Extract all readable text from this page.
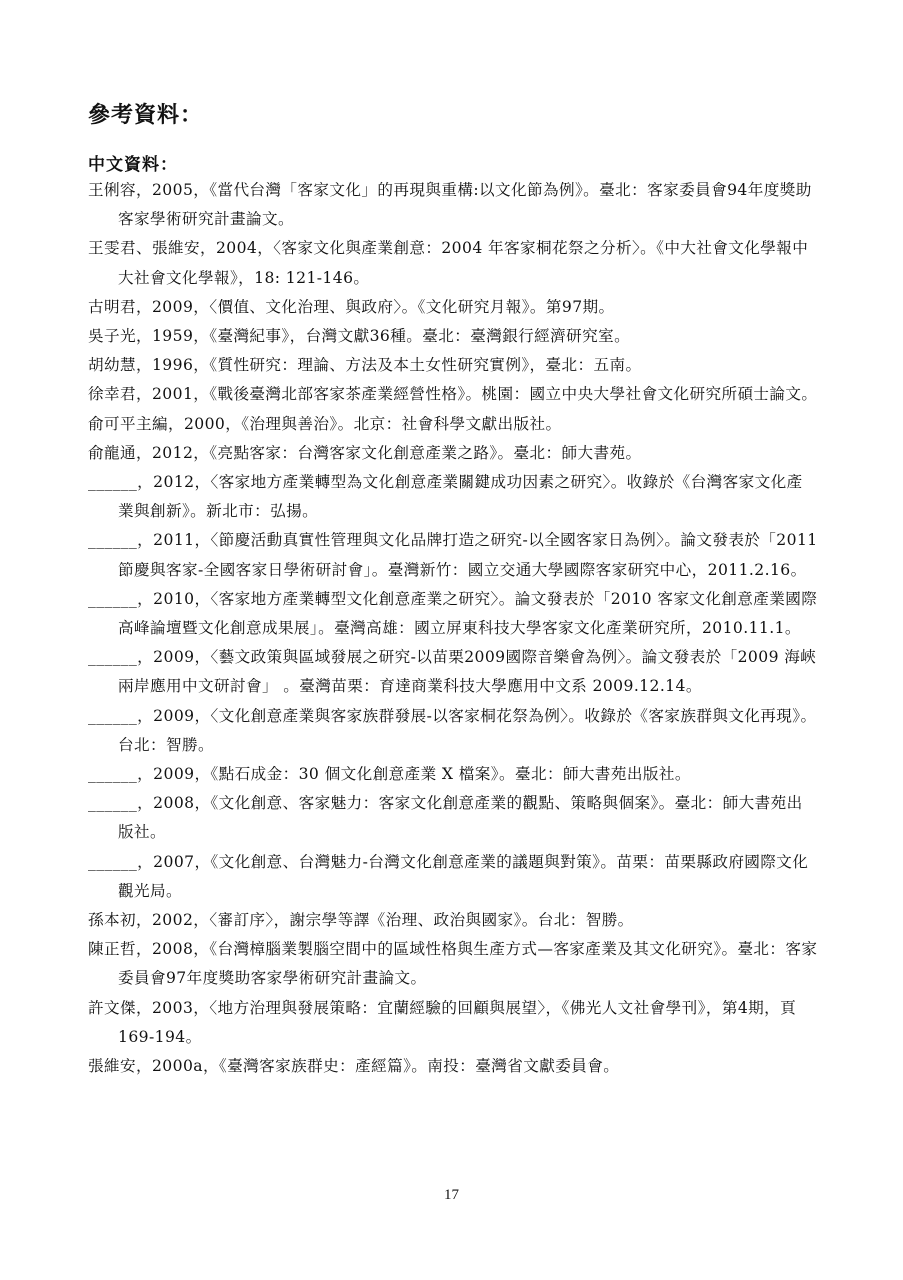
參考資料：
中文資料：
王俐容，2005，《當代台灣「客家文化」的再現與重構:以文化節為例》。臺北：客家委員會94年度獎助客家學術研究計畫論文。
王雯君、張維安，2004，〈客家文化與產業創意：2004 年客家桐花祭之分析〉。《中大社會文化學報中大社會文化學報》，18: 121-146。
古明君，2009，〈價值、文化治理、與政府〉。《文化研究月報》。第97期。
吳子光，1959，《臺灣紀事》，台灣文獻36種。臺北：臺灣銀行經濟研究室。
胡幼慧，1996，《質性研究：理論、方法及本土女性研究實例》，臺北：五南。
徐幸君，2001，《戰後臺灣北部客家茶產業經營性格》。桃園：國立中央大學社會文化研究所碩士論文。
俞可平主編，2000，《治理與善治》。北京：社會科學文獻出版社。
俞龍通，2012，《亮點客家：台灣客家文化創意產業之路》。臺北：師大書苑。
______，2012，〈客家地方產業轉型為文化創意產業關鍵成功因素之研究〉。收錄於《台灣客家文化產業與創新》。新北市：弘揚。
______，2011，〈節慶活動真實性管理與文化品牌打造之研究-以全國客家日為例〉。論文發表於「2011 節慶與客家-全國客家日學術研討會」。臺灣新竹：國立交通大學國際客家研究中心，2011.2.16。
______，2010，〈客家地方產業轉型文化創意產業之研究〉。論文發表於「2010 客家文化創意產業國際高峰論壇暨文化創意成果展」。臺灣高雄：國立屏東科技大學客家文化產業研究所，2010.11.1。
______，2009，〈藝文政策與區域發展之研究-以苗栗2009國際音樂會為例〉。論文發表於「2009 海峽兩岸應用中文研討會」 。臺灣苗栗：育達商業科技大學應用中文系 2009.12.14。
______，2009，〈文化創意產業與客家族群發展-以客家桐花祭為例〉。收錄於《客家族群與文化再現》。台北：智勝。
______，2009，《點石成金：30 個文化創意產業 X 檔案》。臺北：師大書苑出版社。
______，2008，《文化創意、客家魅力：客家文化創意產業的觀點、策略與個案》。臺北：師大書苑出版社。
______，2007，《文化創意、台灣魅力-台灣文化創意產業的議題與對策》。苗栗：苗栗縣政府國際文化觀光局。
孫本初，2002，〈審訂序〉，謝宗學等譯《治理、政治與國家》。台北：智勝。
陳正哲，2008，《台灣樟腦業製腦空間中的區域性格與生產方式—客家產業及其文化研究》。臺北：客家委員會97年度獎助客家學術研究計畫論文。
許文傑，2003，〈地方治理與發展策略：宜蘭經驗的回顧與展望〉，《佛光人文社會學刊》，第4期，頁169-194。
張維安，2000a，《臺灣客家族群史：產經篇》。南投：臺灣省文獻委員會。
17
